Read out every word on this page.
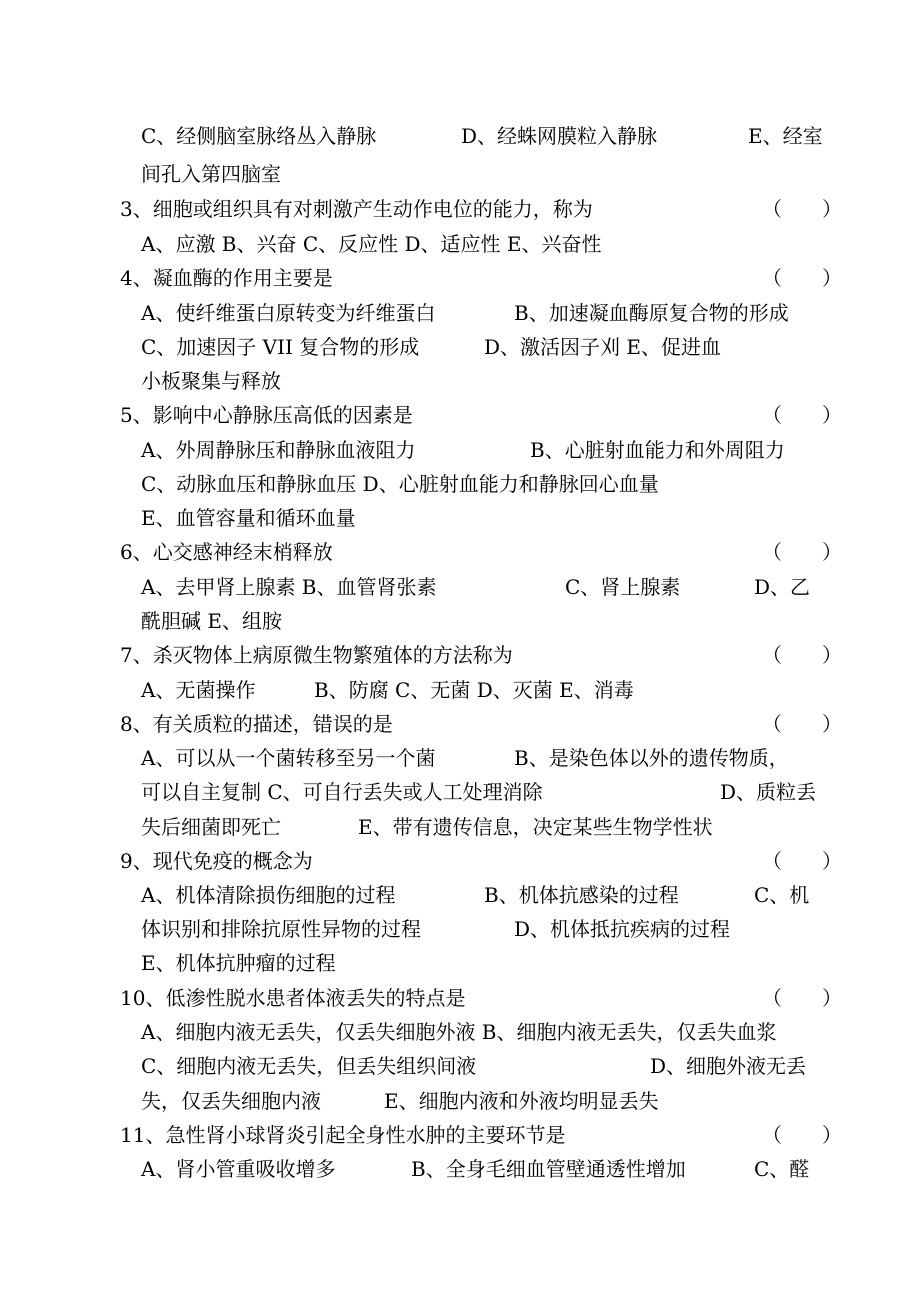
C、经侧脑室脉络丛入静脉	D、经蛛网膜粒入静脉	E、经室
间孔入第四脑室
3、细胞或组织具有对刺激产生动作电位的能力，称为	（　　）
A、应激 B、兴奋 C、反应性 D、适应性 E、兴奋性
4、凝血酶的作用主要是	（　　）
A、使纤维蛋白原转变为纤维蛋白	B、加速凝血酶原复合物的形成
C、加速因子 VII 复合物的形成	D、激活因子刈 E、促进血
小板聚集与释放
5、影响中心静脉压高低的因素是	（　　）
A、外周静脉压和静脉血液阻力	B、心脏射血能力和外周阻力
C、动脉血压和静脉血压 D、心脏射血能力和静脉回心血量
E、血管容量和循环血量
6、心交感神经末梢释放	（　　）
A、去甲肾上腺素 B、血管肾张素	C、肾上腺素	D、乙
酰胆碱 E、组胺
7、杀灭物体上病原微生物繁殖体的方法称为	（　　）
A、无菌操作	B、防腐 C、无菌 D、灭菌 E、消毒
8、有关质粒的描述，错误的是	（　　）
A、可以从一个菌转移至另一个菌	B、是染色体以外的遗传物质，
可以自主复制 C、可自行丢失或人工处理消除	D、质粒丢
失后细菌即死亡	E、带有遗传信息，决定某些生物学性状
9、现代免疫的概念为	（　　）
A、机体清除损伤细胞的过程	B、机体抗感染的过程	C、机
体识别和排除抗原性异物的过程	D、机体抵抗疾病的过程
E、机体抗肿瘤的过程
10、低渗性脱水患者体液丢失的特点是	（　　）
A、细胞内液无丢失，仅丢失细胞外液 B、细胞内液无丢失，仅丢失血浆
C、细胞内液无丢失，但丢失组织间液	D、细胞外液无丢
失，仅丢失细胞内液	E、细胞内液和外液均明显丢失
11、急性肾小球肾炎引起全身性水肿的主要环节是	（　　）
A、肾小管重吸收增多	B、全身毛细血管壁通透性增加	C、醛
